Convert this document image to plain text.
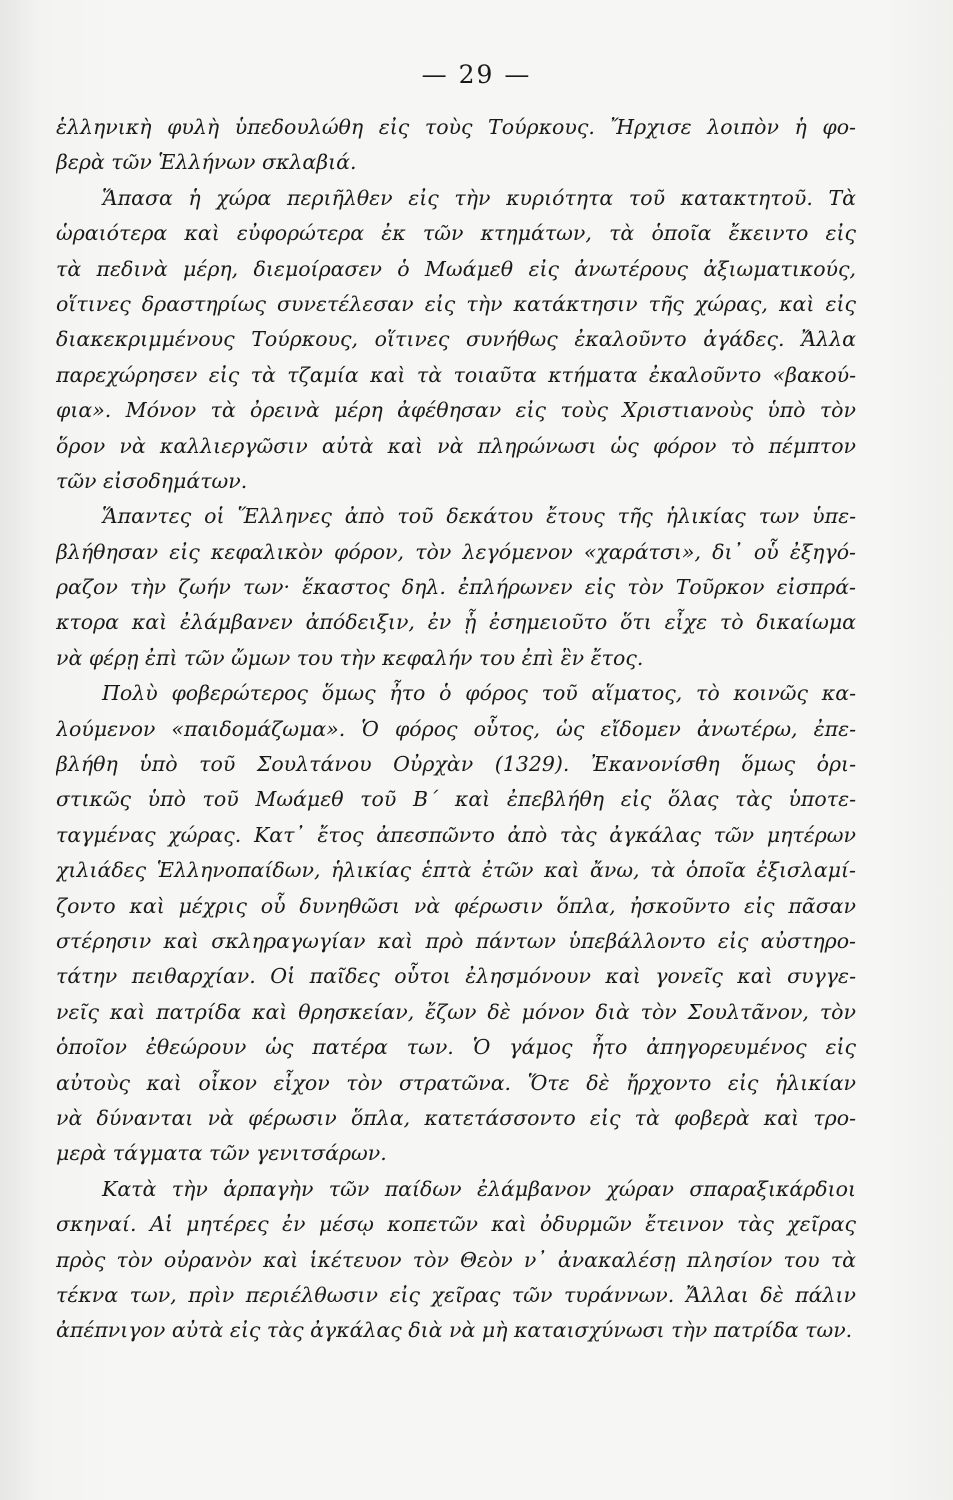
— 29 —
ἑλληνικὴ φυλὴ ὑπεδουλώθη εἰς τοὺς Τούρκους. Ἤρχισε λοιπὸν ἡ φο-
βερὰ τῶν Ἑλλήνων σκλαβιά.
Ἅπασα ἡ χώρα περιῆλθεν εἰς τὴν κυριότητα τοῦ κατακτητοῦ. Τὰ
ὡραιότερα καὶ εὐφορώτερα ἐκ τῶν κτημάτων, τὰ ὁποῖα ἔκειντο εἰς
τὰ πεδινὰ μέρη, διεμοίρασεν ὁ Μωάμεθ εἰς ἀνωτέρους ἀξιωματικούς,
οἵτινες δραστηρίως συνετέλεσαν εἰς τὴν κατάκτησιν τῆς χώρας, καὶ εἰς
διακεκριμμένους Τούρκους, οἵτινες συνήθως ἐκαλοῦντο ἀγάδες. Ἄλλα
παρεχώρησεν εἰς τὰ τζαμία καὶ τὰ τοιαῦτα κτήματα ἐκαλοῦντο «βακού-
φια». Μόνον τὰ ὀρεινὰ μέρη ἀφέθησαν εἰς τοὺς Χριστιανοὺς ὑπὸ τὸν
ὅρον νὰ καλλιεργῶσιν αὐτὰ καὶ νὰ πληρώνωσι ὡς φόρον τὸ πέμπτον
τῶν εἰσοδημάτων.
Ἅπαντες οἱ Ἕλληνες ἀπὸ τοῦ δεκάτου ἔτους τῆς ἡλικίας των ὑπε-
βλήθησαν εἰς κεφαλικὸν φόρον, τὸν λεγόμενον «χαράτσι», δι᾽ οὗ ἐξηγό-
ραζον τὴν ζωήν των· ἕκαστος δηλ. ἐπλήρωνεν εἰς τὸν Τοῦρκον εἰσπρά-
κτορα καὶ ἐλάμβανεν ἀπόδειξιν, ἐν ᾗ ἐσημειοῦτο ὅτι εἶχε τὸ δικαίωμα
νὰ φέρῃ ἐπὶ τῶν ὤμων του τὴν κεφαλήν του ἐπὶ ἓν ἔτος.
Πολὺ φοβερώτερος ὅμως ἦτο ὁ φόρος τοῦ αἵματος, τὸ κοινῶς κα-
λούμενον «παιδομάζωμα». Ὁ φόρος οὗτος, ὡς εἴδομεν ἀνωτέρω, ἐπε-
βλήθη ὑπὸ τοῦ Σουλτάνου Οὐρχὰν (1329). Ἐκανονίσθη ὅμως ὁρι-
στικῶς ὑπὸ τοῦ Μωάμεθ τοῦ Β΄ καὶ ἐπεβλήθη εἰς ὅλας τὰς ὑποτε-
ταγμένας χώρας. Κατ᾽ ἔτος ἀπεσπῶντο ἀπὸ τὰς ἀγκάλας τῶν μητέρων
χιλιάδες Ἑλληνοπαίδων, ἡλικίας ἑπτὰ ἐτῶν καὶ ἄνω, τὰ ὁποῖα ἐξισλαμί-
ζοντο καὶ μέχρις οὗ δυνηθῶσι νὰ φέρωσιν ὅπλα, ἠσκοῦντο εἰς πᾶσαν
στέρησιν καὶ σκληραγωγίαν καὶ πρὸ πάντων ὑπεβάλλοντο εἰς αὐστηρο-
τάτην πειθαρχίαν. Οἱ παῖδες οὗτοι ἐλησμόνουν καὶ γονεῖς καὶ συγγε-
νεῖς καὶ πατρίδα καὶ θρησκείαν, ἔζων δὲ μόνον διὰ τὸν Σουλτᾶνον, τὸν
ὁποῖον ἐθεώρουν ὡς πατέρα των. Ὁ γάμος ἦτο ἀπηγορευμένος εἰς
αὐτοὺς καὶ οἶκον εἶχον τὸν στρατῶνα. Ὅτε δὲ ἤρχοντο εἰς ἡλικίαν
νὰ δύνανται νὰ φέρωσιν ὅπλα, κατετάσσοντο εἰς τὰ φοβερὰ καὶ τρο-
μερὰ τάγματα τῶν γενιτσάρων.
Κατὰ τὴν ἁρπαγὴν τῶν παίδων ἐλάμβανον χώραν σπαραξικάρδιοι
σκηναί. Αἱ μητέρες ἐν μέσῳ κοπετῶν καὶ ὀδυρμῶν ἔτεινον τὰς χεῖρας
πρὸς τὸν οὐρανὸν καὶ ἱκέτευον τὸν Θεὸν ν᾽ ἀνακαλέσῃ πλησίον του τὰ
τέκνα των, πρὶν περιέλθωσιν εἰς χεῖρας τῶν τυράννων. Ἄλλαι δὲ πάλιν
ἀπέπνιγον αὐτὰ εἰς τὰς ἀγκάλας διὰ νὰ μὴ καταισχύνωσι τὴν πατρίδα των.
